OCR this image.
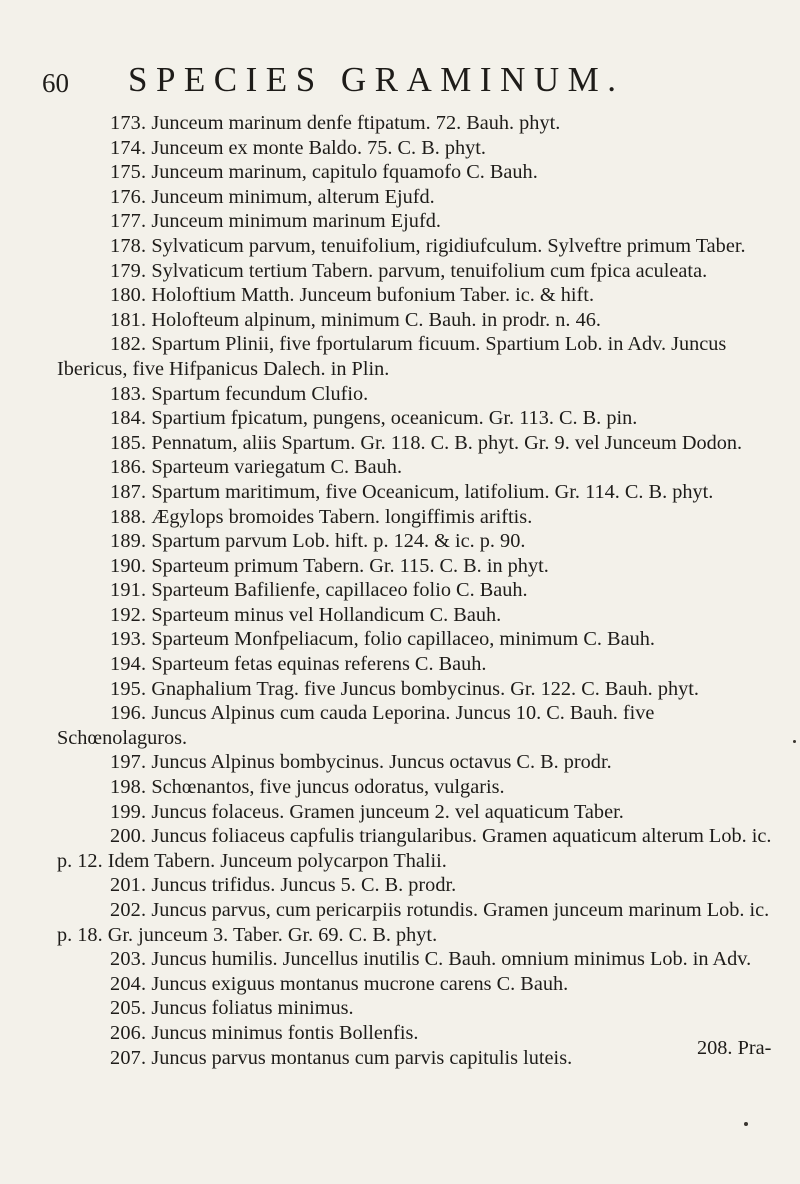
60 SPECIES GRAMINUM.

173. Junceum marinum denfe ftipatum. 72. Bauh. phyt.

174. Junceum ex monte Baldo. 75. C. B. phyt.

175. Junceum marinum, capitulo fquamofo C. Bauh.

176. Junceum minimum, alterum Ejufd.

177. Junceum minimum marinum Ejufd.

178. Sylvaticum parvum, tenuifolium, rigidiufculum. Sylveftre primum Taber.

179. Sylvaticum tertium Tabern. parvum, tenuifolium cum fpica aculeata.

180. Holoftium Matth. Junceum bufonium Taber. ic. & hift.

181. Holofteum alpinum, minimum C. Bauh. in prodr. n. 46.

182. Spartum Plinii, five fportularum ficuum. Spartium Lob. in Adv. Juncus Ibericus, five Hifpanicus Dalech. in Plin.

183. Spartum fecundum Clufio.

184. Spartium fpicatum, pungens, oceanicum. Gr. 113. C. B. pin.

185. Pennatum, aliis Spartum. Gr. 118. C. B. phyt. Gr. 9. vel Junceum Dodon.

186. Sparteum variegatum C. Bauh.

187. Spartum maritimum, five Oceanicum, latifolium. Gr. 114. C. B. phyt.

188. Ægylops bromoides Tabern. longiffimis ariftis.

189. Spartum parvum Lob. hift. p. 124. & ic. p. 90.

190. Sparteum primum Tabern. Gr. 115. C. B. in phyt.

191. Sparteum Bafilienfe, capillaceo folio C. Bauh.

192. Sparteum minus vel Hollandicum C. Bauh.

193. Sparteum Monfpeliacum, folio capillaceo, minimum C. Bauh.

194. Sparteum fetas equinas referens C. Bauh.

195. Gnaphalium Trag. five Juncus bombycinus. Gr. 122. C. Bauh. phyt.

196. Juncus Alpinus cum cauda Leporina. Juncus 10. C. Bauh. five Schœnolaguros.

197. Juncus Alpinus bombycinus. Juncus octavus C. B. prodr.

198. Schœnantos, five juncus odoratus, vulgaris.

199. Juncus folaceus. Gramen junceum 2. vel aquaticum Taber.

200. Juncus foliaceus capfulis triangularibus. Gramen aquaticum alterum Lob. ic. p. 12. Idem Tabern. Junceum polycarpon Thalii.

201. Juncus trifidus. Juncus 5. C. B. prodr.

202. Juncus parvus, cum pericarpiis rotundis. Gramen junceum marinum Lob. ic. p. 18. Gr. junceum 3. Taber. Gr. 69. C. B. phyt.

203. Juncus humilis. Juncellus inutilis C. Bauh. omnium minimus Lob. in Adv.

204. Juncus exiguus montanus mucrone carens C. Bauh.

205. Juncus foliatus minimus.

206. Juncus minimus fontis Bollenfis.

207. Juncus parvus montanus cum parvis capitulis luteis.	208. Pra-
